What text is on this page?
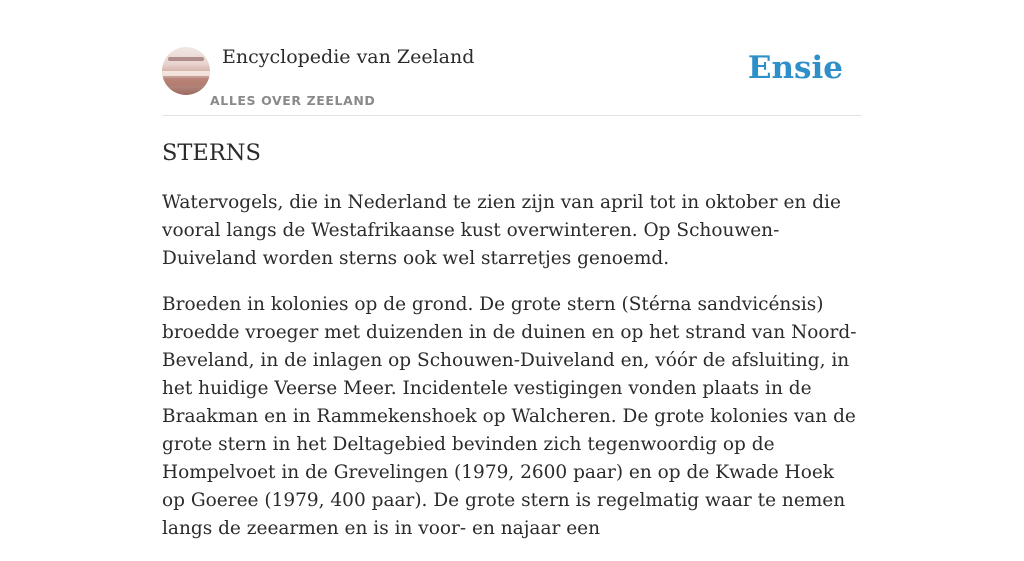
Encyclopedie van Zeeland
ALLES OVER ZEELAND
Ensie
STERNS

Watervogels, die in Nederland te zien zijn van april tot in oktober en die vooral langs de Westafrikaanse kust overwinteren. Op Schouwen-Duiveland worden sterns ook wel starretjes genoemd.

Broeden in kolonies op de grond. De grote stern (Stérna sandvicénsis) broedde vroeger met duizenden in de duinen en op het strand van Noord-Beveland, in de inlagen op Schouwen-Duiveland en, vóór de afsluiting, in het huidige Veerse Meer. Incidentele vestigingen vonden plaats in de Braakman en in Rammekenshoek op Walcheren. De grote kolonies van de grote stern in het Deltagebied bevinden zich tegenwoordig op de Hompelvoet in de Grevelingen (1979, 2600 paar) en op de Kwade Hoek op Goeree (1979, 400 paar). De grote stern is regelmatig waar te nemen langs de zeearmen en is in voor- en najaar een
